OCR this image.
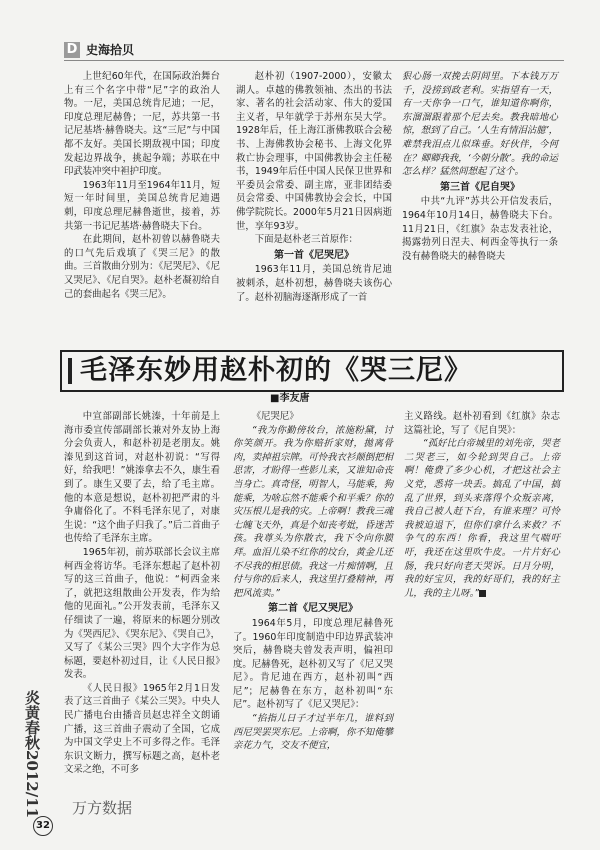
D 史海拾贝

上世纪60年代，在国际政治舞台上有三个名字中带“尼”字的政治人物。一尼，美国总统肯尼迪；一尼，印度总理尼赫鲁；一尼，苏共第一书记尼基塔·赫鲁晓夫。这“三尼”与中国都不友好。美国长期敌视中国；印度发起边界战争，挑起争端；苏联在中印武装冲突中袒护印度。

1963年11月至1964年11月，短短一年时间里，美国总统肯尼迪遇刺，印度总理尼赫鲁逝世，接着，苏共第一书记尼基塔·赫鲁晓夫下台。

在此期间，赵朴初曾以赫鲁晓夫的口气先后戏填了《哭三尼》的散曲。三首散曲分别为：《尼哭尼》、《尼又哭尼》、《尼自哭》。赵朴老凝初给自己的套曲起名《哭三尼》。

赵朴初（1907-2000），安徽太湖人。卓越的佛教领袖、杰出的书法家、著名的社会活动家、伟大的爱国主义者，早年就学于苏州东吴大学。1928年后，任上海江浙佛教联合会秘书、上海佛教协会秘书、上海文化界救亡协会理事，中国佛教协会主任秘书，1949年后任中国人民保卫世界和平委员会常委、副主席，亚非团结委员会常委、中国佛教协会会长，中国佛学院院长。2000年5月21日因病逝世，享年93岁。

下面是赵朴老三首原作：

第一首《尼哭尼》

1963年11月，美国总统肯尼迪被刺杀，赵朴初想，赫鲁晓夫该伤心了。赵朴初脑海逐渐形成了一首

狠心肠一双挽去阴间里。下本钱万万千，没捞到政老利。实指望有一天，有一天你争一口气，谁知道你啊你，东溜溜跟着那个尼去矣。教我暗地心惊，想到了自己。‘人生有情泪沾臆’，难禁我泪点儿似珠垂。好伙伴，今何在？卿卿我我，‘今朝分散’。我的命运怎么样？猛然间想起了这个。

第三首《尼自哭》

中共“九评”苏共公开信发表后，1964年10月14日，赫鲁晓夫下台。11月21日，《红旗》杂志发表社论，揭露勃列日涅夫、柯西金等执行一条没有赫鲁晓夫的赫鲁晓夫

毛泽东妙用赵朴初的《哭三尼》
■李友唐

中宣部副部长姚溱，十年前是上海市委宣传部副部长兼对外友协上海分会负责人，和赵朴初是老朋友。姚溱见到这首词，对赵朴初说：“写得好，给我吧！”姚溱拿去不久，康生看到了。康生又要了去，给了毛主席。他的本意是想说，赵朴初把严肃的斗争庸俗化了。不料毛泽东见了，对康生说：“这个曲子归我了。”后二首曲子也传给了毛泽东主席。

1965年初，前苏联部长会议主席柯西金将访华。毛泽东想起了赵朴初写的这三首曲子，他说：“柯西金来了，就把这组散曲公开发表，作为给他的见面礼。”公开发表前，毛泽东又仔细读了一遍，将原来的标题分别改为《哭西尼》、《哭东尼》、《哭自己》，又写了《某公三哭》四个大字作为总标题，要赵朴初过目，让《人民日报》发表。

《人民日报》1965年2月1日发表了这三首曲子《某公三哭》。中央人民广播电台由播音员赵忠祥全文朗诵广播，这三首曲子震动了全国，它成为中国文学史上不可多得之作。毛泽东识文断力，撰写标题之高，赵朴老文采之绝，不可多

《尼哭尼》

“我为你勤傍妆台，浓施粉黛，讨你笑颜开。我为你赔折家财，拋离骨肉，卖掉祖宗牌。可怜我衣衫颠倒把相思害，才盼得一些影儿来，又谁知命丧当身亡。真奇怪，明智人，马能乘，狗能乘，为啥忘然不能乘个和平乘？你的灾压根儿是我的灾。上帝啊！教我三魂七魄飞天外，真是个如丧考妣，昏迷苦孩。我尊头为你散衣，我下令向你膜拜。血泪儿染不红你的坟台，黄金儿还不尽我的相思债。我这一片痴情啊，且付与你的后来人，我这里打叠精神，再把风流卖。”

第二首《尼又哭尼》

1964年5月，印度总理尼赫鲁死了。1960年印度制造中印边界武装冲突后，赫鲁晓夫曾发表声明，偏袒印度。尼赫鲁死，赵朴初又写了《尼又哭尼》。肯尼迪在西方，赵朴初叫“西尼”；尼赫鲁在东方，赵朴初叫“东尼”。赵朴初写了《尼又哭尼》：

“掐指儿日子才过半年几，谁料到西尼哭罢哭东尼。上帝啊，你不知俺攀亲花力气，交友不便宜，

主义路线。赵朴初看到《红旗》杂志这篇社论，写了《尼自哭》：

“孤好比白帝城里的刘先帝，哭老二哭老三，如今轮到哭自己。上帝啊！俺费了多少心机，才把这社会主义党，悉将一块丢。搞乱了中国，搞乱了世界，到头来落得个众叛亲离，我自己被人赶下台，有谁来理？可怜我被迫退下，但你们拿什么来救？不争气的东西！你看，我这里气喘吁吁，我还在这里吹牛皮。一片片好心肠，我只好向老天哭诉。日月分明，我的好宝贝，我的好哥们，我的好主儿，我的主儿呀。”

炎黄春秋2012/11
32
万方数据
